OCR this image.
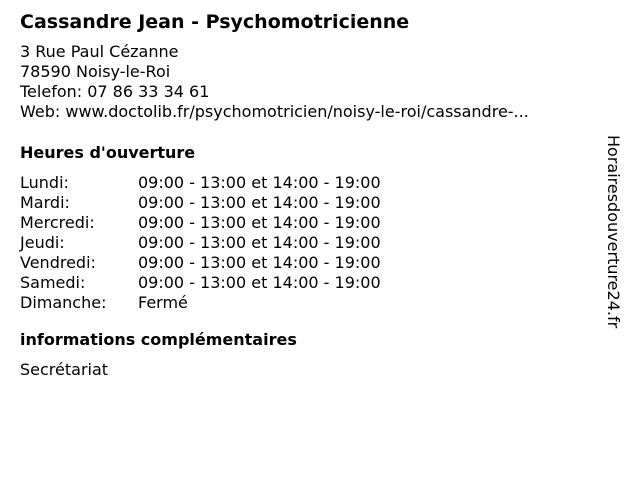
Cassandre Jean - Psychomotricienne
3 Rue Paul Cézanne
78590 Noisy-le-Roi
Telefon: 07 86 33 34 61
Web: www.doctolib.fr/psychomotricien/noisy-le-roi/cassandre-...
Heures d'ouverture
Lundi:	09:00 - 13:00 et 14:00 - 19:00
Mardi:	09:00 - 13:00 et 14:00 - 19:00
Mercredi:	09:00 - 13:00 et 14:00 - 19:00
Jeudi:	09:00 - 13:00 et 14:00 - 19:00
Vendredi:	09:00 - 13:00 et 14:00 - 19:00
Samedi:	09:00 - 13:00 et 14:00 - 19:00
Dimanche:	Fermé
informations complémentaires
Secrétariat
Horairesdouverture24.fr
